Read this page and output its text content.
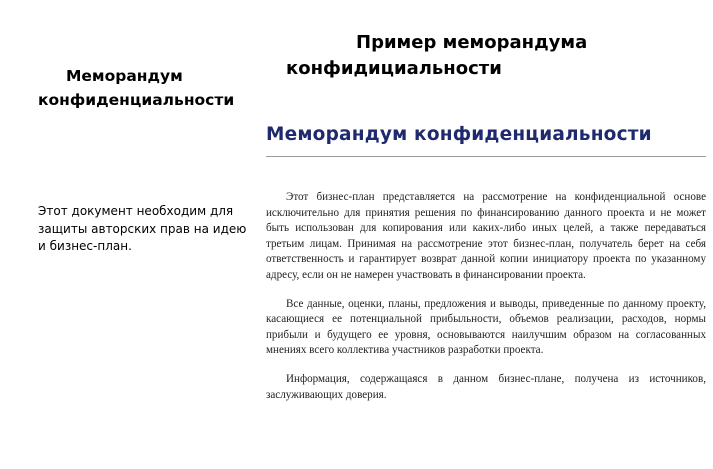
Меморандум конфиденциальности

Этот документ необходим для защиты авторских прав на идею и бизнес-план.

Пример меморандума конфидициальности
Меморандум конфиденциальности

Этот бизнес-план представляется на рассмотрение на конфиденциальной основе исключительно для принятия решения по финансированию данного проекта и не может быть использован для копирования или каких-либо иных целей, а также передаваться третьим лицам. Принимая на рассмотрение этот бизнес-план, получатель берет на себя ответственность и гарантирует возврат данной копии инициатору проекта по указанному адресу, если он не намерен участвовать в финансировании проекта.

Все данные, оценки, планы, предложения и выводы, приведенные по данному проекту, касающиеся ее потенциальной прибыльности, объемов реализации, расходов, нормы прибыли и будущего ее уровня, основываются наилучшим образом на согласованных мнениях всего коллектива участников разработки проекта.

Информация, содержащаяся в данном бизнес-плане, получена из источников, заслуживающих доверия.
